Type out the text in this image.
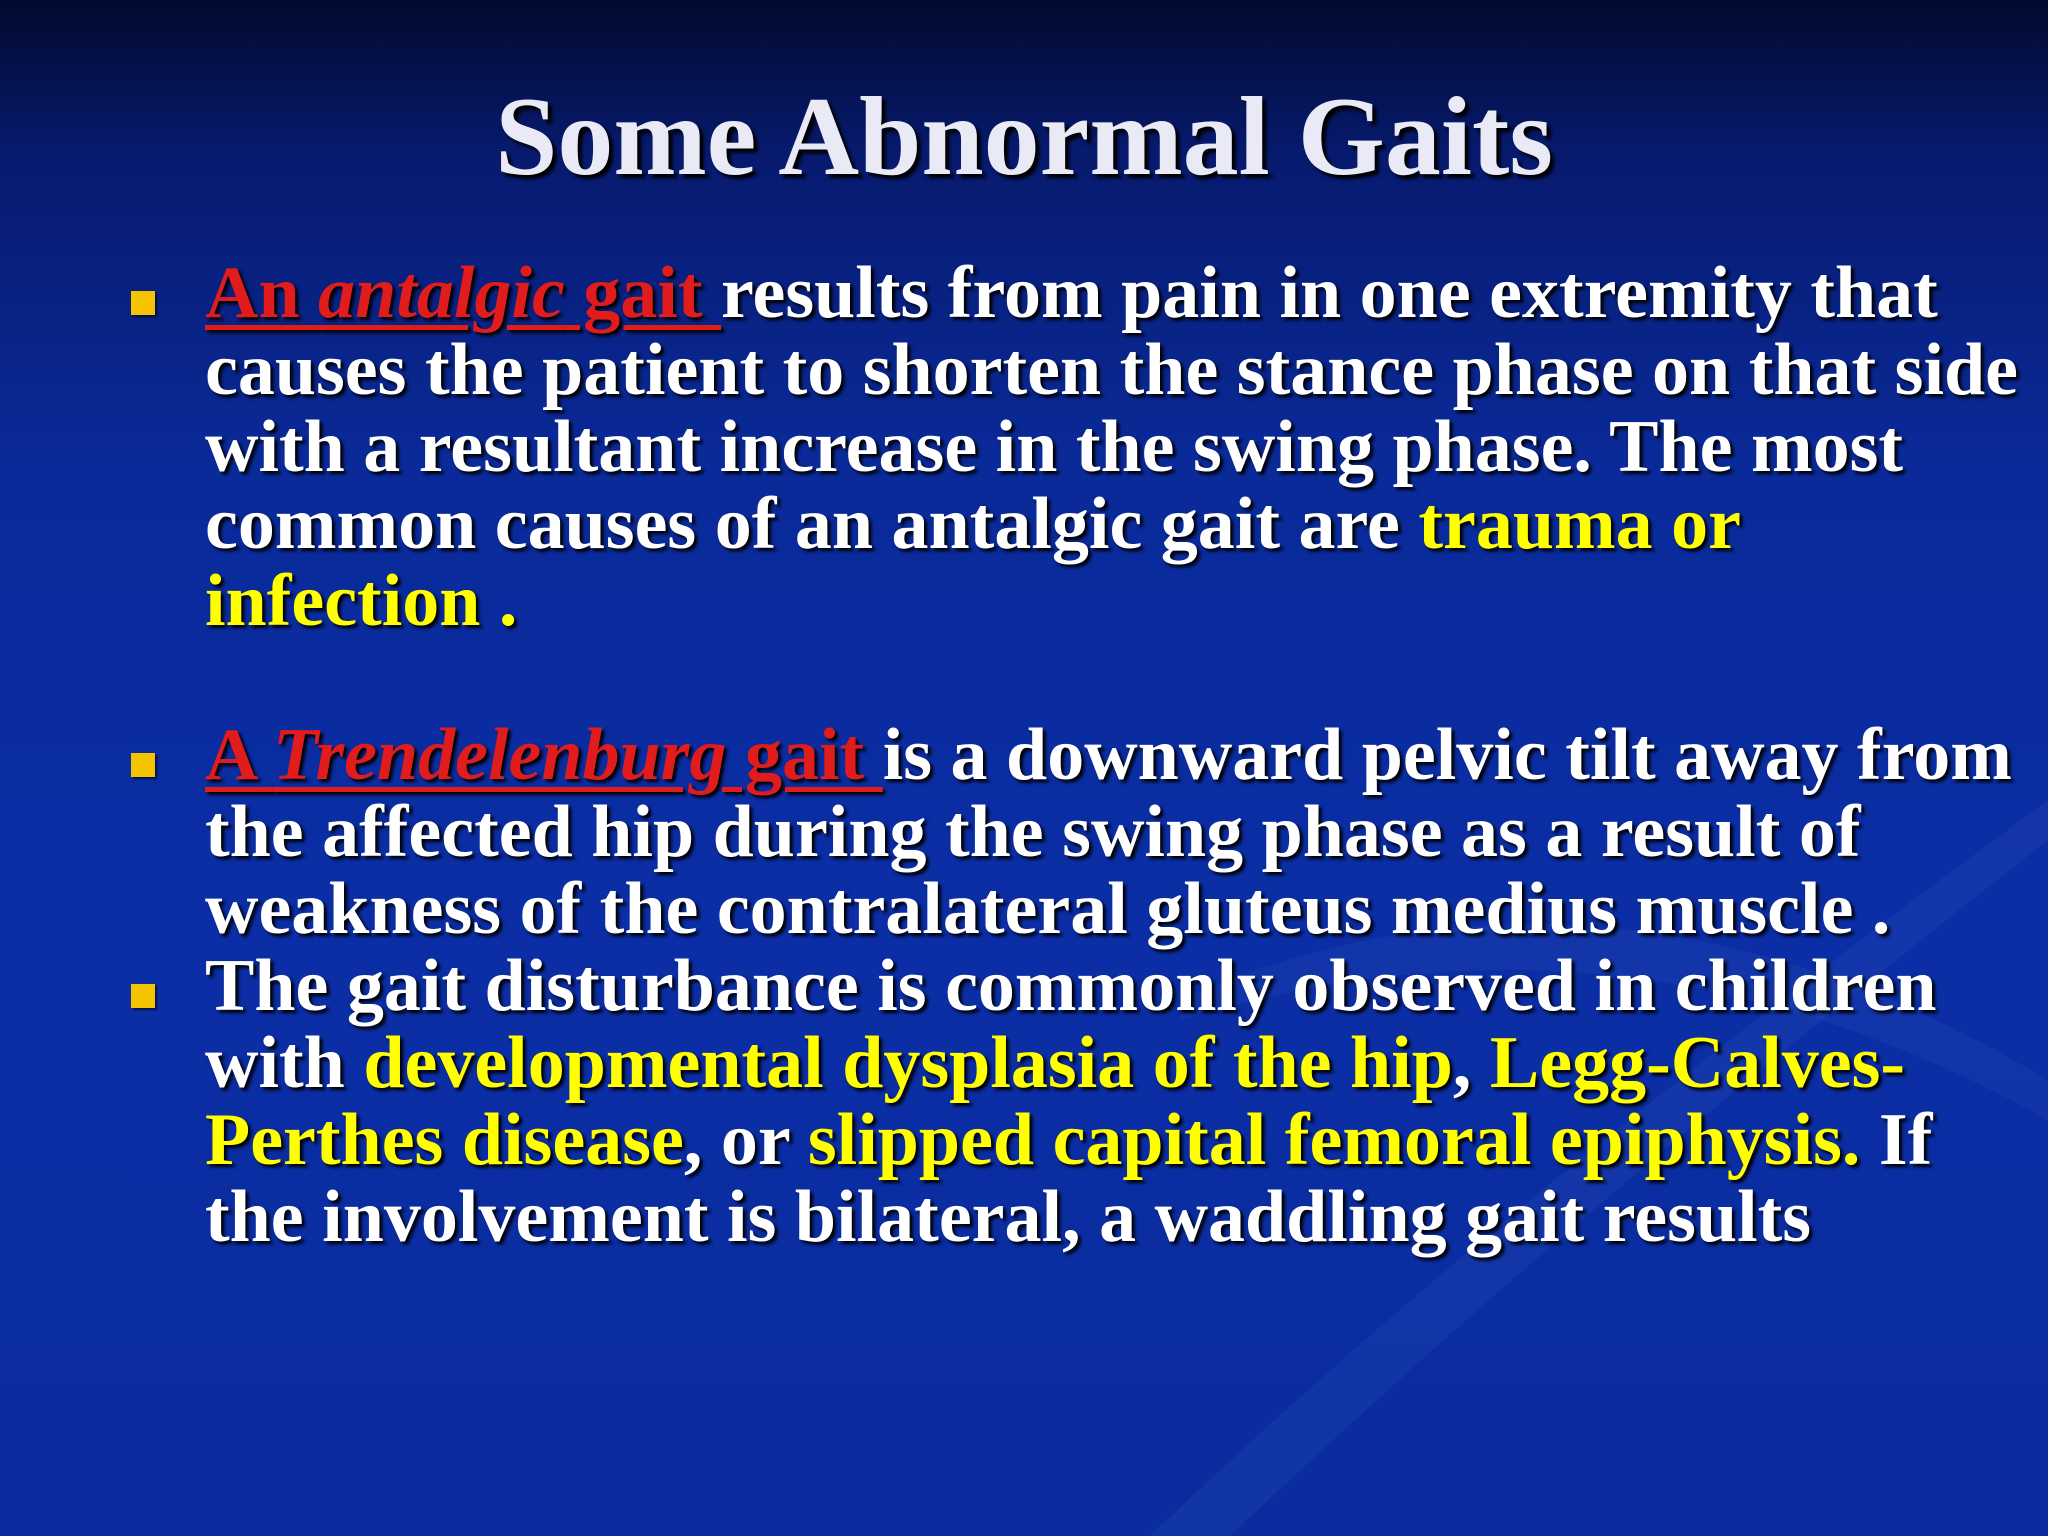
Some Abnormal Gaits
An antalgic gait results from pain in one extremity that causes the patient to shorten the stance phase on that side with a resultant increase in the swing phase. The most common causes of an antalgic gait are trauma or infection .
A Trendelenburg gait is a downward pelvic tilt away from the affected hip during the swing phase as a result of weakness of the contralateral gluteus medius muscle .
The gait disturbance is commonly observed in children with developmental dysplasia of the hip, Legg-Calves-Perthes disease, or slipped capital femoral epiphysis. If the involvement is bilateral, a waddling gait results
